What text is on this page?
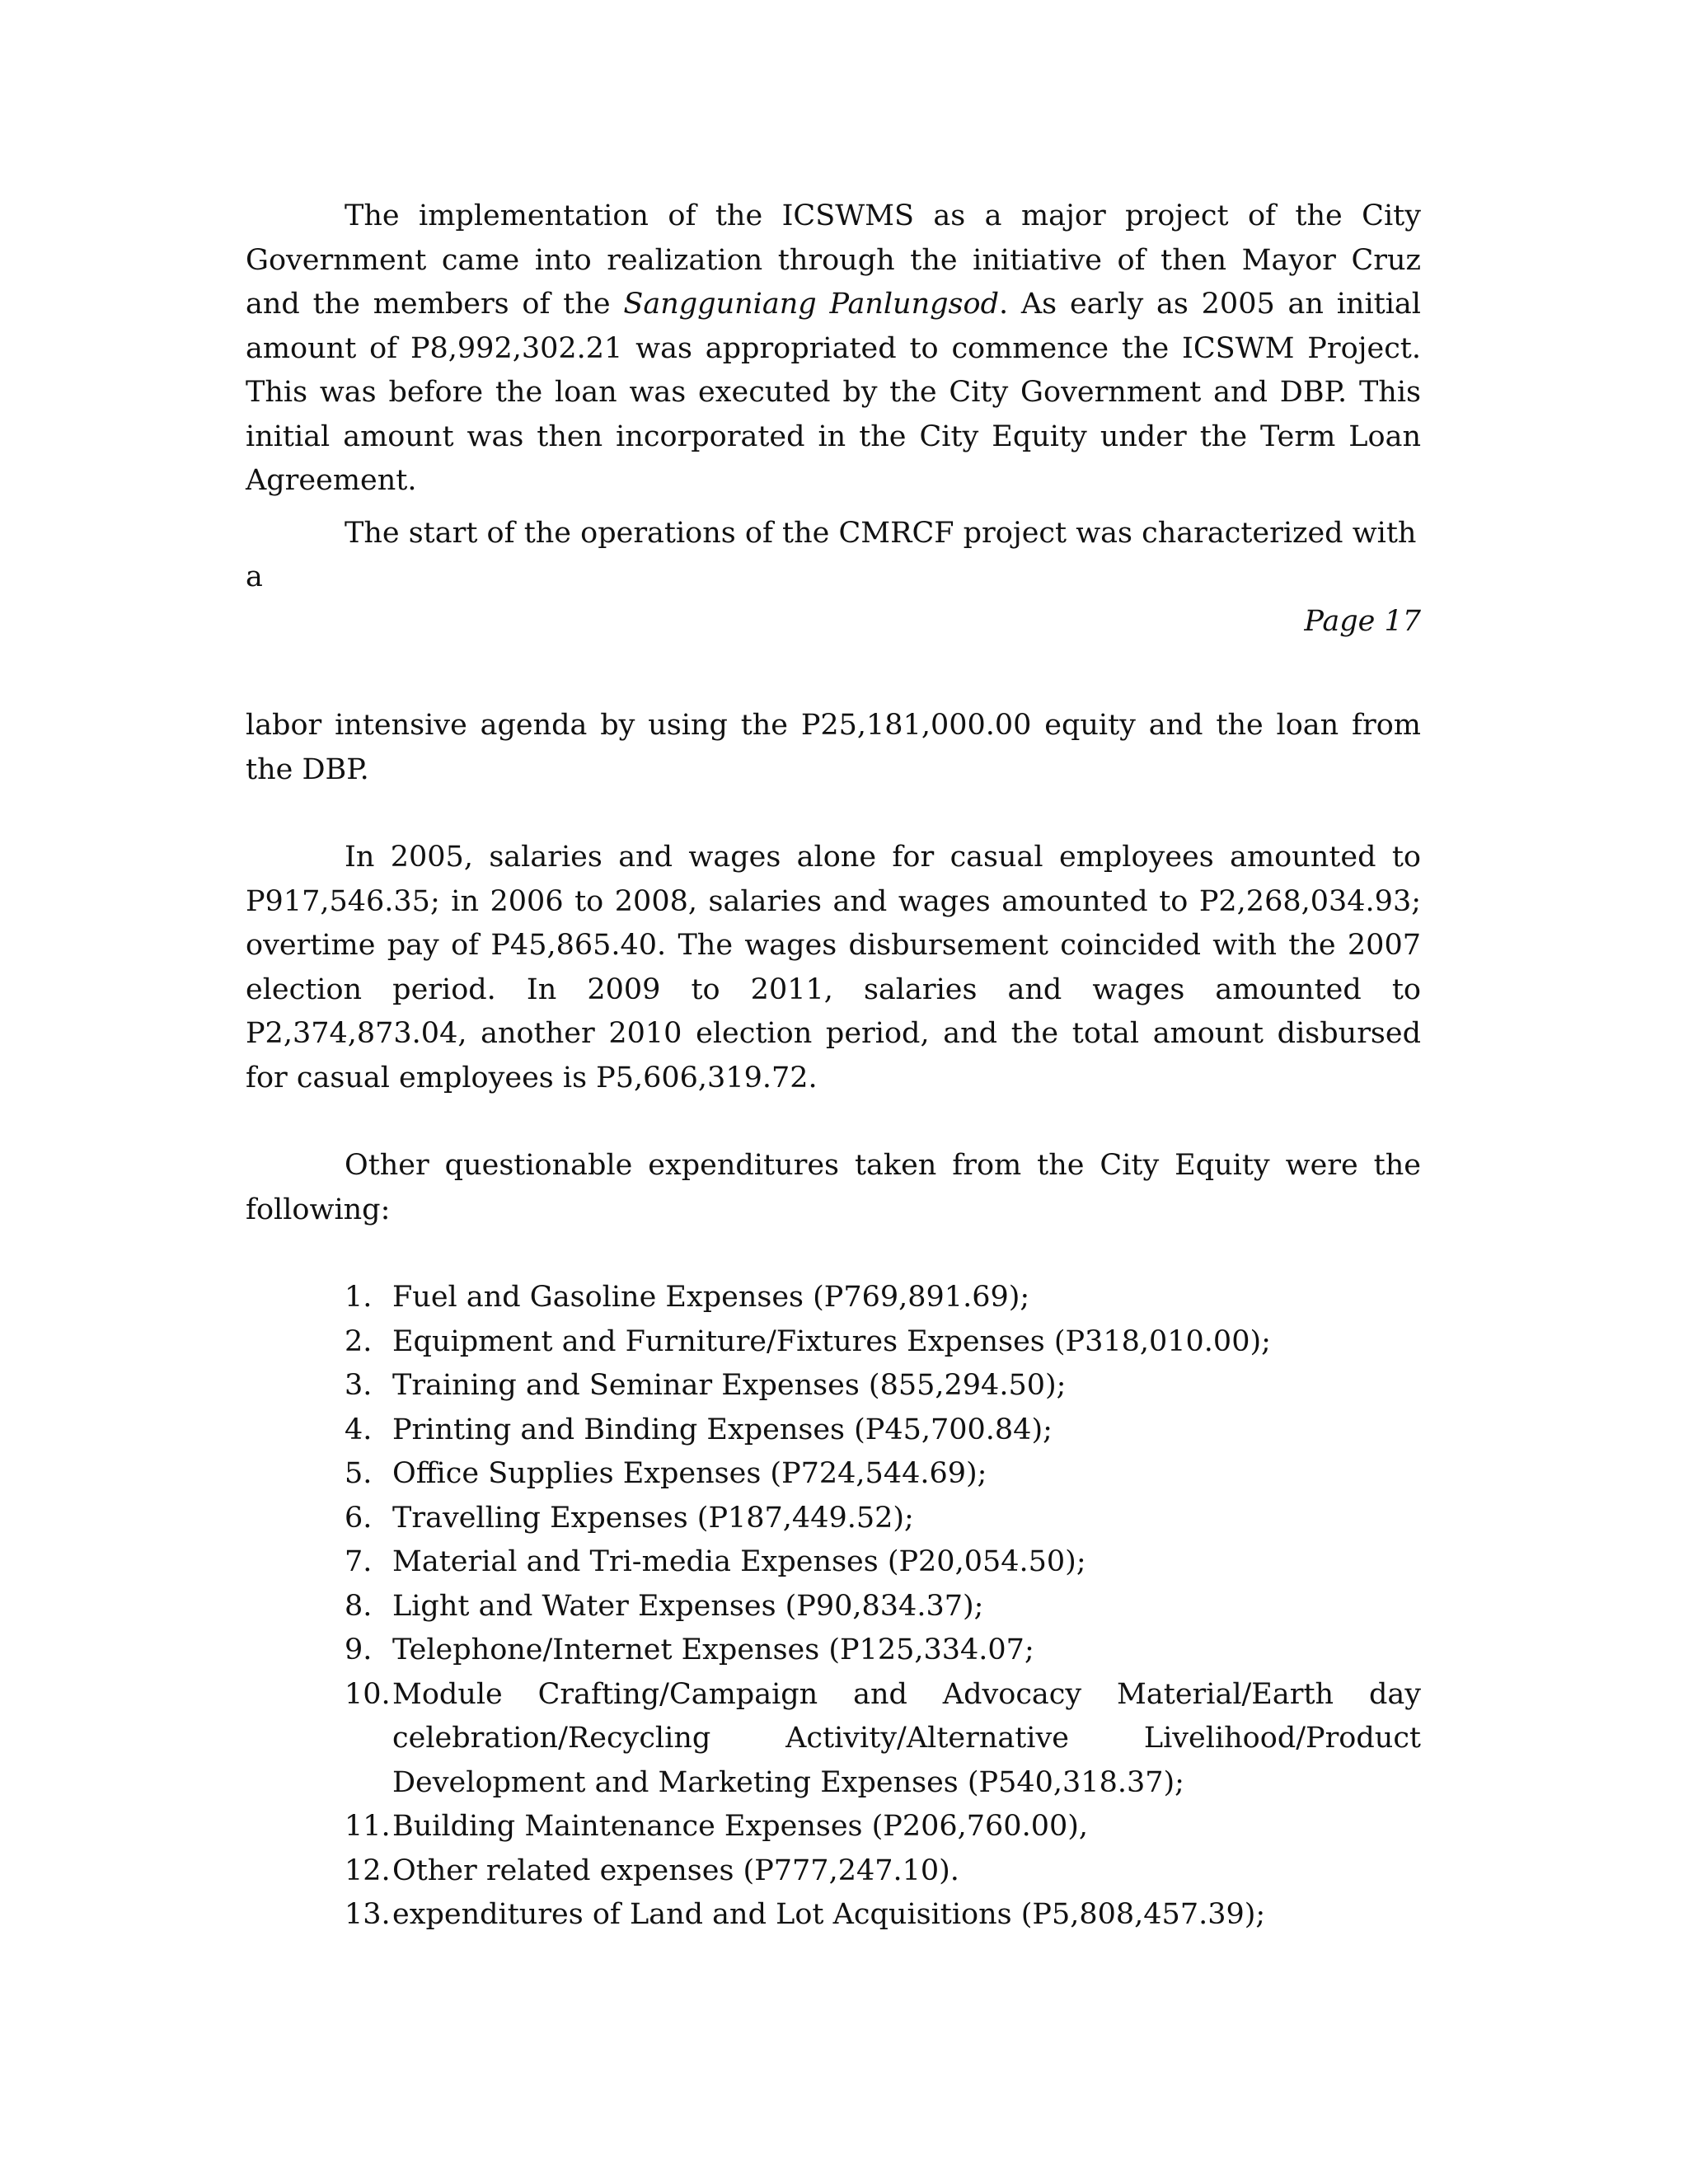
The implementation of the ICSWMS as a major project of the City Government came into realization through the initiative of then Mayor Cruz and the members of the Sangguniang Panlungsod. As early as 2005 an initial amount of P8,992,302.21 was appropriated to commence the ICSWM Project. This was before the loan was executed by the City Government and DBP. This initial amount was then incorporated in the City Equity under the Term Loan Agreement.

The start of the operations of the CMRCF project was characterized with a

Page 17

labor intensive agenda by using the P25,181,000.00 equity and the loan from the DBP.

In 2005, salaries and wages alone for casual employees amounted to P917,546.35; in 2006 to 2008, salaries and wages amounted to P2,268,034.93; overtime pay of P45,865.40. The wages disbursement coincided with the 2007 election period. In 2009 to 2011, salaries and wages amounted to P2,374,873.04, another 2010 election period, and the total amount disbursed for casual employees is P5,606,319.72.

Other questionable expenditures taken from the City Equity were the following:

1. Fuel and Gasoline Expenses (P769,891.69);
2. Equipment and Furniture/Fixtures Expenses (P318,010.00);
3. Training and Seminar Expenses (855,294.50);
4. Printing and Binding Expenses (P45,700.84);
5. Office Supplies Expenses (P724,544.69);
6. Travelling Expenses (P187,449.52);
7. Material and Tri-media Expenses (P20,054.50);
8. Light and Water Expenses (P90,834.37);
9. Telephone/Internet Expenses (P125,334.07;
10. Module Crafting/Campaign and Advocacy Material/Earth day celebration/Recycling Activity/Alternative Livelihood/Product Development and Marketing Expenses (P540,318.37);
11. Building Maintenance Expenses (P206,760.00),
12. Other related expenses (P777,247.10).
13. expenditures of Land and Lot Acquisitions (P5,808,457.39);
